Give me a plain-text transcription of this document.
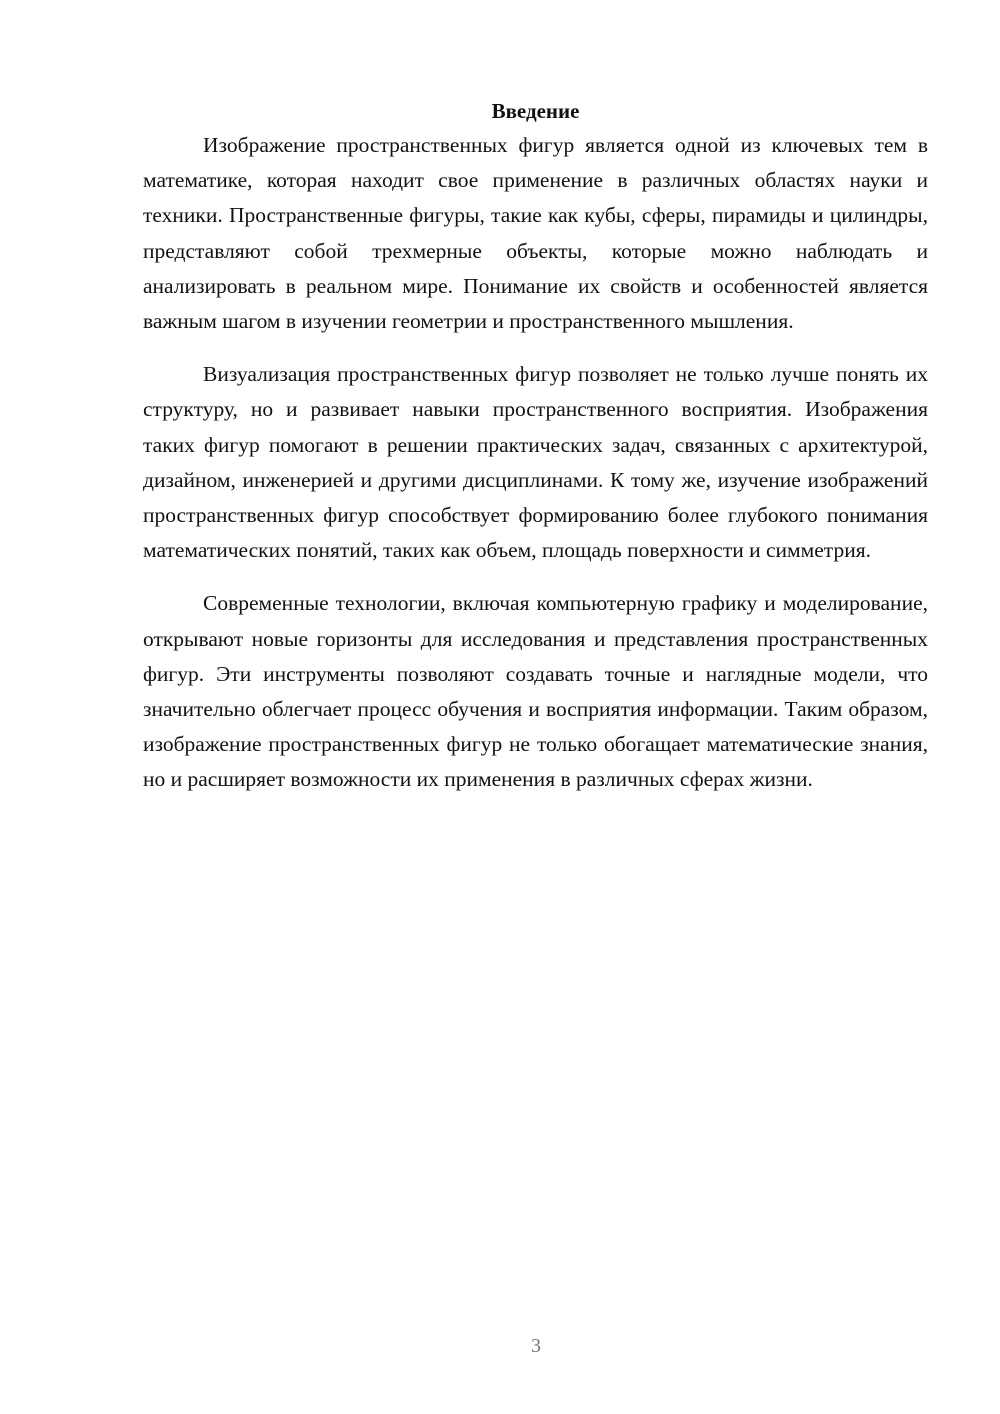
Введение

Изображение пространственных фигур является одной из ключевых тем в математике, которая находит свое применение в различных областях науки и техники. Пространственные фигуры, такие как кубы, сферы, пирамиды и цилиндры, представляют собой трехмерные объекты, которые можно наблюдать и анализировать в реальном мире. Понимание их свойств и особенностей является важным шагом в изучении геометрии и пространственного мышления.

Визуализация пространственных фигур позволяет не только лучше понять их структуру, но и развивает навыки пространственного восприятия. Изображения таких фигур помогают в решении практических задач, связанных с архитектурой, дизайном, инженерией и другими дисциплинами. К тому же, изучение изображений пространственных фигур способствует формированию более глубокого понимания математических понятий, таких как объем, площадь поверхности и симметрия.

Современные технологии, включая компьютерную графику и моделирование, открывают новые горизонты для исследования и представления пространственных фигур. Эти инструменты позволяют создавать точные и наглядные модели, что значительно облегчает процесс обучения и восприятия информации. Таким образом, изображение пространственных фигур не только обогащает математические знания, но и расширяет возможности их применения в различных сферах жизни.

3
